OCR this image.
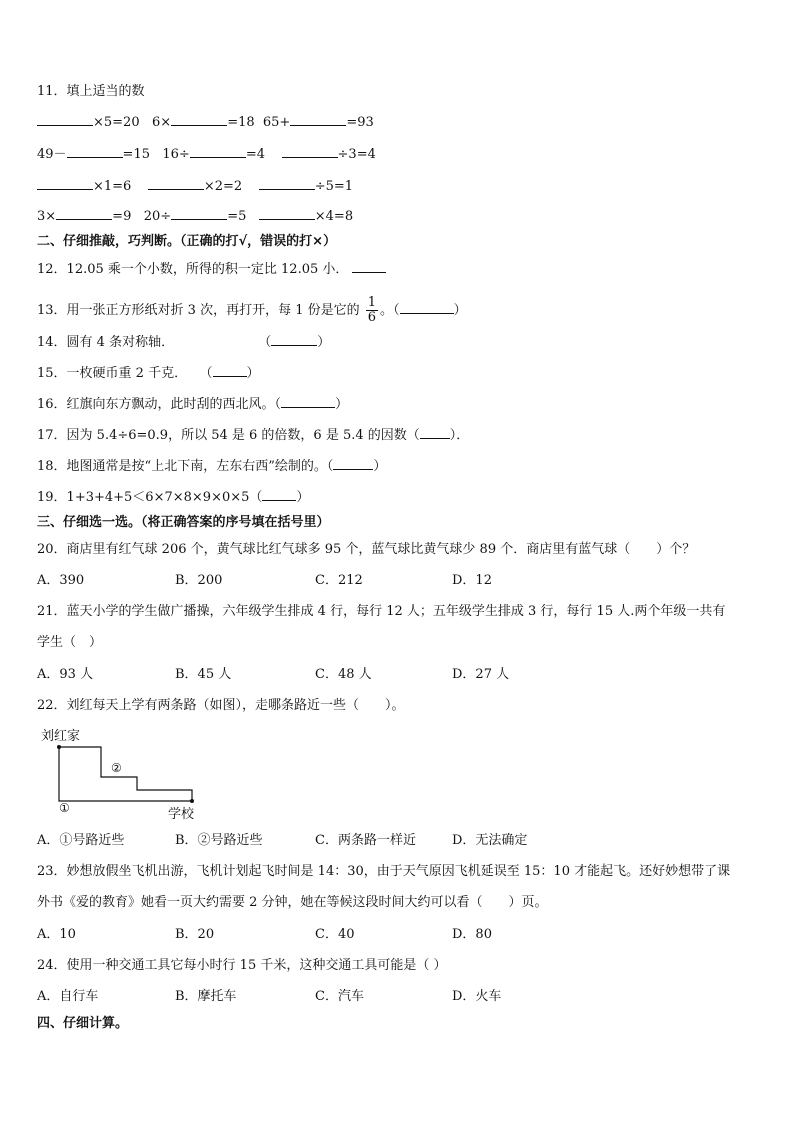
11．填上适当的数
×5=20 6×	=18 65+	=93
49－	=15 16÷	=4	÷3=4
×1=6	×2=2	÷5=1
3×	=9 20÷	=5	×4=8
二、仔细推敲，巧判断。（正确的打√，错误的打×）
12．12.05 乘一个小数，所得的积一定比 12.05 小．
13．用一张正方形纸对折 3 次，再打开，每 1 份是它的 $\frac{1}{6}$ 。（	）
14．圆有 4 条对称轴．	（	）
15．一枚硬币重 2 千克． （	）
16．红旗向东方飘动，此时刮的西北风。（	）
17．因为 5.4÷6=0.9，所以 54 是 6 的倍数，6 是 5.4 的因数（ ）．
18．地图通常是按“上北下南，左东右西”绘制的。（	）
19．1+3+4+5＜6×7×8×9×0×5（	）
三、仔细选一选。（将正确答案的序号填在括号里）
20．商店里有红气球 206 个，黄气球比红气球多 95 个，蓝气球比黄气球少 89 个．商店里有蓝气球（　　）个？
A．390	B．200	C．212	D．12
21．蓝天小学的学生做广播操，六年级学生排成 4 行，每行 12 人；五年级学生排成 3 行，每行 15 人.两个年级一共有
学生（　）
A．93 人	B．45 人	C．48 人	D．27 人
22．刘红每天上学有两条路（如图），走哪条路近一些（　　）。
刘红家
②
①	学校
A．①号路近些	B．②号路近些	C．两条路一样近	D．无法确定
23．妙想放假坐飞机出游，飞机计划起飞时间是 14：30，由于天气原因飞机延误至 15：10 才能起飞。还好妙想带了课
外书《爱的教育》她看一页大约需要 2 分钟，她在等候这段时间大约可以看（　　）页。
A．10	B．20	C．40	D．80
24．使用一种交通工具它每小时行 15 千米，这种交通工具可能是（ ）
A．自行车	B．摩托车	C．汽车	D．火车
四、仔细计算。
